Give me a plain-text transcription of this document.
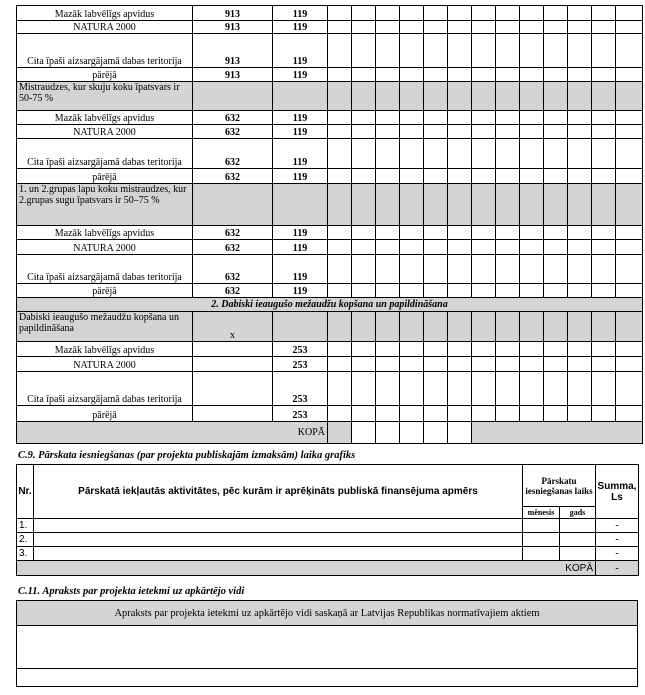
Mazāk labvēlīgs apvidus	913	119													
NATURA 2000	913	119													
Cita īpaši aizsargājamā dabas teritorija	913	119													
pārējā	913	119													
Mistraudzes, kur skuju koku īpatsvars ir 50-75 %															
Mazāk labvēlīgs apvidus	632	119													
NATURA 2000	632	119													
Cita īpaši aizsargājamā dabas teritorija	632	119													
pārējā	632	119													
1. un 2.grupas lapu koku mistraudzes, kur 2.grupas sugu īpatsvars ir 50–75 %															
Mazāk labvēlīgs apvidus	632	119													
NATURA 2000	632	119													
Cita īpaši aizsargājamā dabas teritorija	632	119													
pārējā	632	119													
2. Dabiski ieaugušo mežaudžu kopšana un papildināšana															
Dabiski ieaugušo mežaudžu kopšana un papildināšana	x														
Mazāk labvēlīgs apvidus		253													
NATURA 2000		253													
Cita īpaši aizsargājamā dabas teritorija		253													
pārējā		253													
KOPĀ															
C.9. Pārskata iesniegšanas (par projekta publiskajām izmaksām) laika grafiks
Nr.	Pārskatā iekļautās aktivitātes, pēc kurām ir aprēķināts publiskā finansējuma apmērs	Pārskatu iesniegšanas laiks		Summa, Ls
		mēnesis	gads	
1.				-
2.				-
3.				-
KOPĀ				-
C.11. Apraksts par projekta ietekmi uz apkārtējo vidi
Apraksts par projekta ietekmi uz apkārtējo vidi saskaņā ar Latvijas Republikas normatīvajiem aktiem
